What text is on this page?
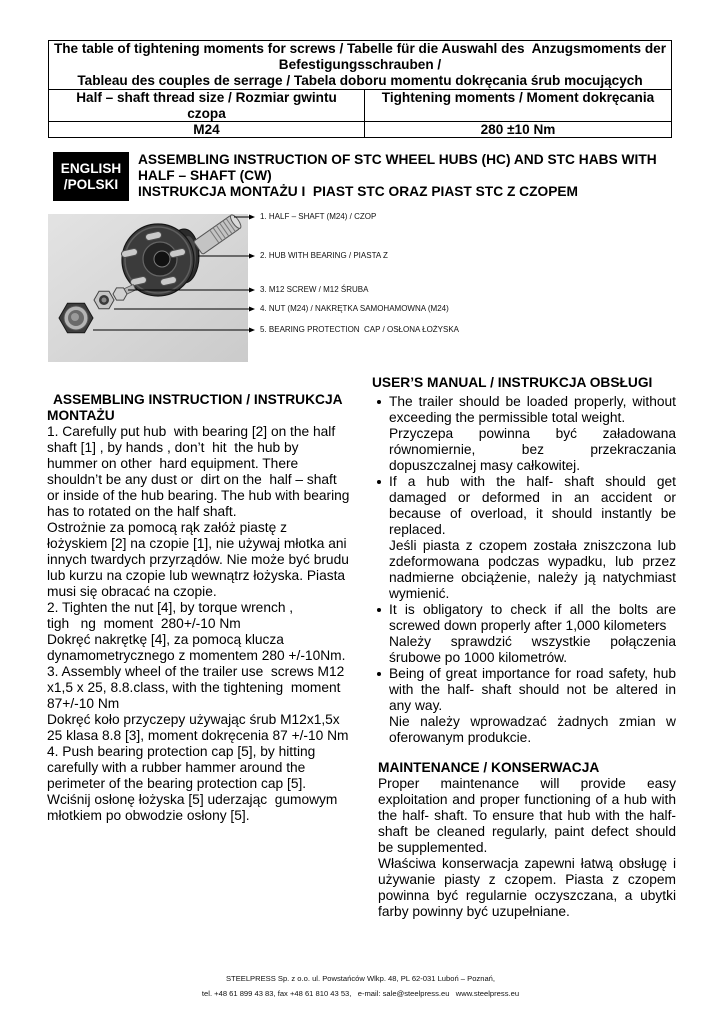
The table of tightening moments for screws / Tabelle für die Auswahl des  Anzugsmoments der
Befestigungsschrauben /
Tableau des couples de serrage / Tabela doboru momentu dokręcania śrub mocujących
Half – shaft thread size / Rozmiar gwintu
czopa
Tightening moments / Moment dokręcania
M24	280 ±10 Nm
ENGLISH
/POLSKI
ASSEMBLING INSTRUCTION OF STC WHEEL HUBS (HC) AND STC HABS WITH
HALF – SHAFT (CW)
INSTRUKCJA MONTAŻU I  PIAST STC ORAZ PIAST STC Z CZOPEM
1. HALF – SHAFT (M24) / CZOP
2. HUB WITH BEARING / PIASTA Z
3. M12 SCREW / M12 ŚRUBA
4. NUT (M24) / NAKRĘTKA SAMOHAMOWNA (M24)
5. BEARING PROTECTION  CAP / OSŁONA ŁOŻYSKA
ASSEMBLING INSTRUCTION / INSTRUKCJA
MONTAŻU
1. Carefully put hub  with bearing [2] on the half
shaft [1] , by hands , don’t  hit  the hub by
hummer on other  hard equipment. There
shouldn’t be any dust or  dirt on the  half – shaft
or inside of the hub bearing. The hub with bearing
has to rotated on the half shaft.
Ostrożnie za pomocą rąk załóż piastę z
łożyskiem [2] na czopie [1], nie używaj młotka ani
innych twardych przyrządów. Nie może być brudu
lub kurzu na czopie lub wewnątrz łożyska. Piasta
musi się obracać na czopie.
2. Tighten the nut [4], by torque wrench ,
tigh   ng  moment  280+/-10 Nm
Dokręć nakrętkę [4], za pomocą klucza
dynamometrycznego z momentem 280 +/-10Nm.
3. Assembly wheel of the trailer use  screws M12
x1,5 x 25, 8.8.class, with the tightening  moment
87+/-10 Nm
Dokręć koło przyczepy używając śrub M12x1,5x
25 klasa 8.8 [3], moment dokręcenia 87 +/-10 Nm
4. Push bearing protection cap [5], by hitting
carefully with a rubber hammer around the
perimeter of the bearing protection cap [5].
Wciśnij osłonę łożyska [5] uderzając  gumowym
młotkiem po obwodzie osłony [5].
USER’S MANUAL / INSTRUKCJA OBSŁUGI
The trailer should be loaded properly, without
exceeding the permissible total weight.
Przyczepa powinna być załadowana
równomiernie, bez przekraczania
dopuszczalnej masy całkowitej.
If a hub with the half- shaft should get
damaged or deformed in an accident or
because of overload, it should instantly be
replaced.
Jeśli piasta z czopem została zniszczona lub
zdeformowana podczas wypadku, lub przez
nadmierne obciążenie, należy ją natychmiast
wymienić.
It is obligatory to check if all the bolts are
screwed down properly after 1,000 kilometers
Należy sprawdzić wszystkie połączenia
śrubowe po 1000 kilometrów.
Being of great importance for road safety, hub
with the half- shaft should not be altered in
any way.
Nie należy wprowadzać żadnych zmian w
oferowanym produkcie.
MAINTENANCE / KONSERWACJA
Proper maintenance will provide easy
exploitation and proper functioning of a hub with
the half- shaft. To ensure that hub with the half-
shaft be cleaned regularly, paint defect should
be supplemented.
Właściwa konserwacja zapewni łatwą obsługę i
używanie piasty z czopem. Piasta z czopem
powinna być regularnie oczyszczana, a ubytki
farby powinny być uzupełniane.
STEELPRESS Sp. z o.o. ul. Powstańców Wlkp. 48, PL 62-031 Luboń – Poznań,
tel. +48 61 899 43 83, fax +48 61 810 43 53,   e-mail: sale@steelpress.eu   www.steelpress.eu
